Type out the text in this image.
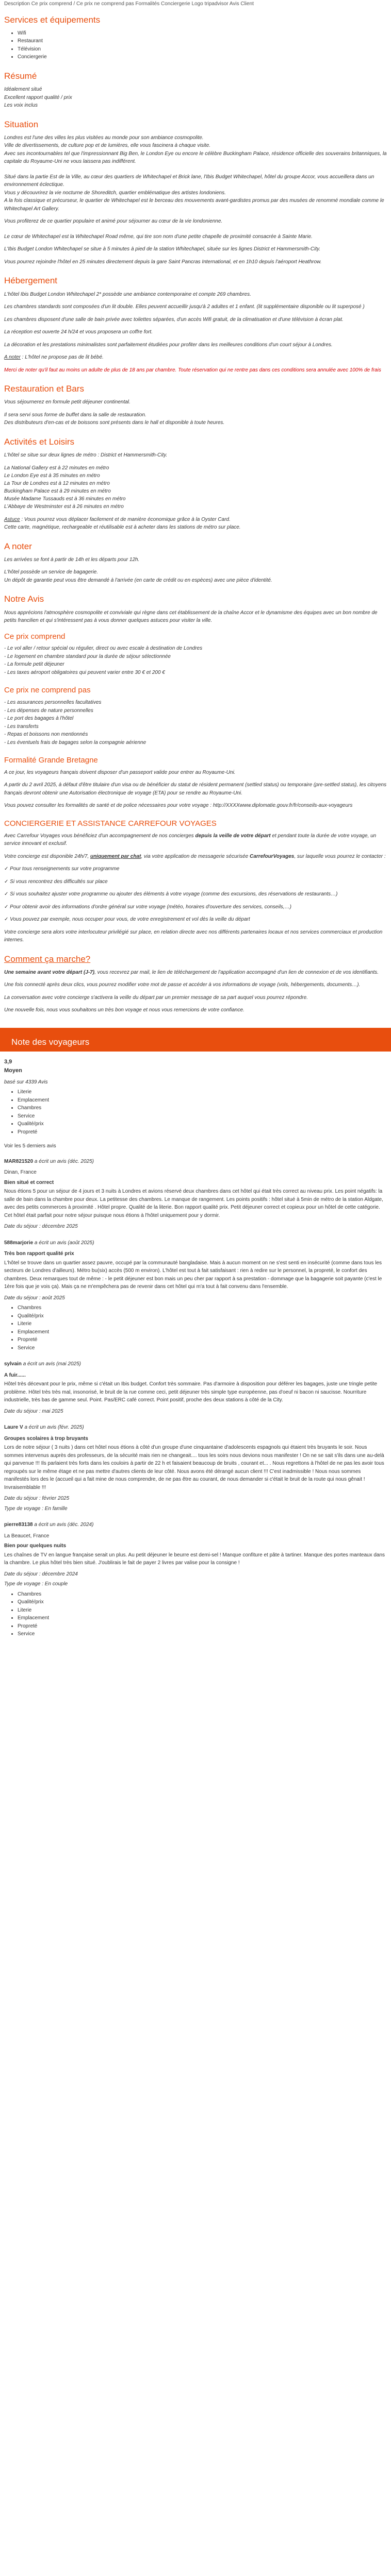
Description Ce prix comprend / Ce prix ne comprend pas Formalités Conciergerie Logo tripadvisor Avis Client

Services et équipements
• Wifi
• Restaurant
• Télévision
• Conciergerie
Résumé
Idéalement situé
Excellent rapport qualité / prix
Les voix inclus
Situation

Londres est l'une des villes les plus visitées au monde pour son ambiance cosmopolite.

Ville de divertissements, de culture pop et de lumières, elle vous fascinera à chaque visite.

Avec ses incontournables tel que l'impressionnant Big Ben, le London Eye ou encore le célèbre Buckingham Palace, résidence officielle des souverains britanniques, la capitale du Royaume-Uni ne vous laissera pas indifférent.

Situé dans la partie Est de la Ville, au cœur des quartiers de Whitechapel et Brick lane, l'Ibis Budget Whitechapel, hôtel du groupe Accor, vous accueillera dans un environnement éclectique.

Vous y découvrirez la vie nocturne de Shoreditch, quartier emblématique des artistes londoniens.

A la fois classique et précurseur, le quartier de Whitechapel est le berceau des mouvements avant-gardistes promus par des musées de renommé mondiale comme le Whitechapel Art Gallery.

Vous profiterez de ce quartier populaire et animé pour séjourner au cœur de la vie londonienne.

Le cœur de Whitechapel est la Whitechapel Road même, qui tire son nom d'une petite chapelle de proximité consacrée à Sainte Marie.

L'Ibis Budget London Whitechapel se situe à 5 minutes à pied de la station Whitechapel, située sur les lignes District et Hammersmith-City.

Vous pourrez rejoindre l'hôtel en 25 minutes directement depuis la gare Saint Pancras International, et en 1h10 depuis l'aéroport Heathrow.

Hébergement

L'hôtel Ibis Budget London Whitechapel 2* possède une ambiance contemporaine et compte 269 chambres.

Les chambres standards sont composées d'un lit double. Elles peuvent accueillir jusqu'à 2 adultes et 1 enfant. (lit supplémentaire disponible ou lit superposé )

Les chambres disposent d'une salle de bain privée avec toilettes séparées, d'un accès Wifi gratuit, de la climatisation et d'une télévision à écran plat.

La réception est ouverte 24 h/24 et vous proposera un coffre fort.

La décoration et les prestations minimalistes sont parfaitement étudiées pour profiter dans les meilleures conditions d'un court séjour à Londres.

A noter : L'hôtel ne propose pas de lit bébé.

Merci de noter qu'il faut au moins un adulte de plus de 18 ans par chambre. Toute réservation qui ne rentre pas dans ces conditions sera annulée avec 100% de frais

Restauration et Bars

Vous séjournerez en formule petit déjeuner continental.

Il sera servi sous forme de buffet dans la salle de restauration.

Des distributeurs d'en-cas et de boissons sont présents dans le hall et disponible à toute heures.

Activités et Loisirs

L'hôtel se situe sur deux lignes de métro : District et Hammersmith-City.

La National Gallery est à 22 minutes en métro
Le London Eye est à 35 minutes en métro
La Tour de Londres est à 12 minutes en métro
Buckingham Palace est à 29 minutes en métro
Musée Madame Tussauds est à 36 minutes en métro
L'Abbaye de Westminster est à 26 minutes en métro

Astuce : Vous pourrez vous déplacer facilement et de manière économique grâce à la Oyster Card.

Cette carte, magnétique, rechargeable et réutilisable est à acheter dans les stations de métro sur place.

A noter

Les arrivées se font à partir de 14h et les départs pour 12h.

L'hôtel possède un service de bagagerie.

Un dépôt de garantie peut vous être demandé à l'arrivée (en carte de crédit ou en espèces) avec une pièce d'identité.

Notre Avis

Nous apprécions l'atmosphère cosmopolite et conviviale qui règne dans cet établissement de la chaîne Accor et le dynamisme des équipes avec un bon nombre de petits francilien et qui s'intéressent pas à vous donner quelques astuces pour visiter la ville.

Ce prix comprend
- Le vol aller / retour spécial ou régulier, direct ou avec escale à destination de Londres
- Le logement en chambre standard pour la durée de séjour sélectionnée
- La formule petit déjeuner
- Les taxes aéroport obligatoires qui peuvent varier entre 30 € et 200 €
Ce prix ne comprend pas
- Les assurances personnelles facultatives
- Les dépenses de nature personnelles
- Le port des bagages à l'hôtel
- Les transferts
- Repas et boissons non mentionnés
- Les éventuels frais de bagages selon la compagnie aérienne
Formalité Grande Bretagne

A ce jour, les voyageurs français doivent disposer d'un passeport valide pour entrer au Royaume-Uni.

A partir du 2 avril 2025, à défaut d'être titulaire d'un visa ou de bénéficier du statut de résident permanent (settled status) ou temporaire (pre-settled status), les citoyens français devront obtenir une Autorisation électronique de voyage (ETA) pour se rendre au Royaume-Uni.

Vous pouvez consulter les formalités de santé et de police nécessaires pour votre voyage : http://XXXXwww.diplomatie.gouv.fr/fr/conseils-aux-voyageurs

CONCIERGERIE ET ASSISTANCE CARREFOUR VOYAGES

Avec Carrefour Voyages vous bénéficiez d'un accompagnement de nos concierges depuis la veille de votre départ et pendant toute la durée de votre voyage, un service innovant et exclusif.

Votre concierge est disponible 24h/7, uniquement par chat, via votre application de messagerie sécurisée CarrefourVoyages, sur laquelle vous pourrez le contacter :

✓ Pour tous renseignements sur votre programme

✓ Si vous rencontrez des difficultés sur place

✓ Si vous souhaitez ajuster votre programme ou ajouter des éléments à votre voyage (comme des excursions, des réservations de restaurants…)

✓ Pour obtenir avoir des informations d'ordre général sur votre voyage (météo, horaires d'ouverture des services, conseils,…)

✓ Vous pouvez par exemple, nous occuper pour vous, de votre enregistrement et vol dès la veille du départ

Votre concierge sera alors votre interlocuteur privilégié sur place, en relation directe avec nos différents partenaires locaux et nos services commerciaux et production internes.

Comment ça marche?

Une semaine avant votre départ (J-7), vous recevrez par mail, le lien de téléchargement de l'application accompagné d'un lien de connexion et de vos identifiants.

Une fois connecté après deux clics, vous pourrez modifier votre mot de passe et accéder à vos informations de voyage (vols, hébergements, documents…).

La conversation avec votre concierge s'activera la veille du départ par un premier message de sa part auquel vous pourrez répondre.

Une nouvelle fois, nous vous souhaitons un très bon voyage et nous vous remercions de votre confiance.

Note des voyageurs

3,9

Moyen

basé sur 4339 Avis

• Literie
• Emplacement
• Chambres
• Service
• Qualité/prix
• Propreté

Voir les 5 derniers avis

MAR821520 a écrit un avis (déc. 2025)

Dinan, France

Bien situé et correct

Nous étions 5 pour un séjour de 4 jours et 3 nuits à Londres et avions réservé deux chambres dans cet hôtel qui était très correct au niveau prix. Les point négatifs: la salle de bain dans la chambre pour deux. La petitesse des chambres. Le manque de rangement. Les points positifs : hôtel situé à 5min de métro de la station Aldgate, avec des petits commerces à proximité . Hôtel propre. Qualité de la literie. Bon rapport qualité prix. Petit déjeuner correct et copieux pour un hôtel de cette catégorie. Cet hôtel était parfait pour notre séjour puisque nous étions à l'hôtel uniquement pour y dormir.

Date du séjour : décembre 2025

588marjorie a écrit un avis (août 2025)

Très bon rapport qualité prix

L'hôtel se trouve dans un quartier assez pauvre, occupé par la communauté bangladaise. Mais à aucun moment on ne s'est senti en insécurité (comme dans tous les secteurs de Londres d'ailleurs). Métro bu(six) accès (500 m environ). L'hôtel est tout à fait satisfaisant : rien à redire sur le personnel, la propreté, le confort des chambres. Deux remarques tout de même : - le petit déjeuner est bon mais un peu cher par rapport à sa prestation - dommage que la bagagerie soit payante (c'est le 1ère fois que je vois ça). Mais ça ne m'empêchera pas de revenir dans cet hôtel qui m'a tout à fait convenu dans l'ensemble.

Date du séjour : août 2025

• Chambres
• Qualité/prix
• Literie
• Emplacement
• Propreté
• Service

sylvain a écrit un avis (mai 2025)

A fuir......

Hôtel très décevant pour le prix, même si c'était un Ibis budget. Confort très sommaire. Pas d'armoire à disposition pour déférer les bagages, juste une tringle petite problème. Hôtel très très mal, insonorisé, le bruit de la rue comme ceci, petit déjeuner très simple type européenne, pas d'oeuf ni bacon ni saucisse. Nourriture industrielle, très bas de gamme seul. Point. Pas/ERC café correct. Point positif, proche des deux stations à côté de la City.

Date du séjour : mai 2025

Laure V a écrit un avis (févr. 2025)

Groupes scolaires à trop bruyants

Lors de notre séjour ( 3 nuits ) dans cet hôtel nous étions à côté d'un groupe d'une cinquantaine d'adolescents espagnols qui étaient très bruyants le soir. Nous sommes intervenus auprès des professeurs, de la sécurité mais rien ne changeait.... tous les soirs nous devions nous manifester ! On ne se sait s'ils dans une au-delà qui parvenue !!! Ils parlaient très forts dans les couloirs à partir de 22 h et faisaient beaucoup de bruits , courant et... . Nous regrettons à l'hôtel de ne pas les avoir tous regroupés sur le même étage et ne pas mettre d'autres clients de leur côté. Nous avons été dérangé aucun client !!! C'est inadmissible ! Nous nous sommes manifestés lors des le (accueil qui a fait mine de nous comprendre, de ne pas être au courant, de nous demander si c'était le bruit de la route qui nous gênait ! Invraisemblable !!!

Date du séjour : février 2025

Type de voyage : En famille

pierre83138 a écrit un avis (déc. 2024)

La Beaucet, France

Bien pour quelques nuits

Les chaînes de TV en langue française serait un plus. Au petit déjeuner le beurre est demi-sel ! Manque confiture et pâte à tartiner. Manque des portes manteaux dans la chambre. Le plus hôtel très bien situé. J'oublirais le fait de payer 2 livres par valise pour la consigne !

Date du séjour : décembre 2024

Type de voyage : En couple

• Chambres
• Qualité/prix
• Literie
• Emplacement
• Propreté
• Service
